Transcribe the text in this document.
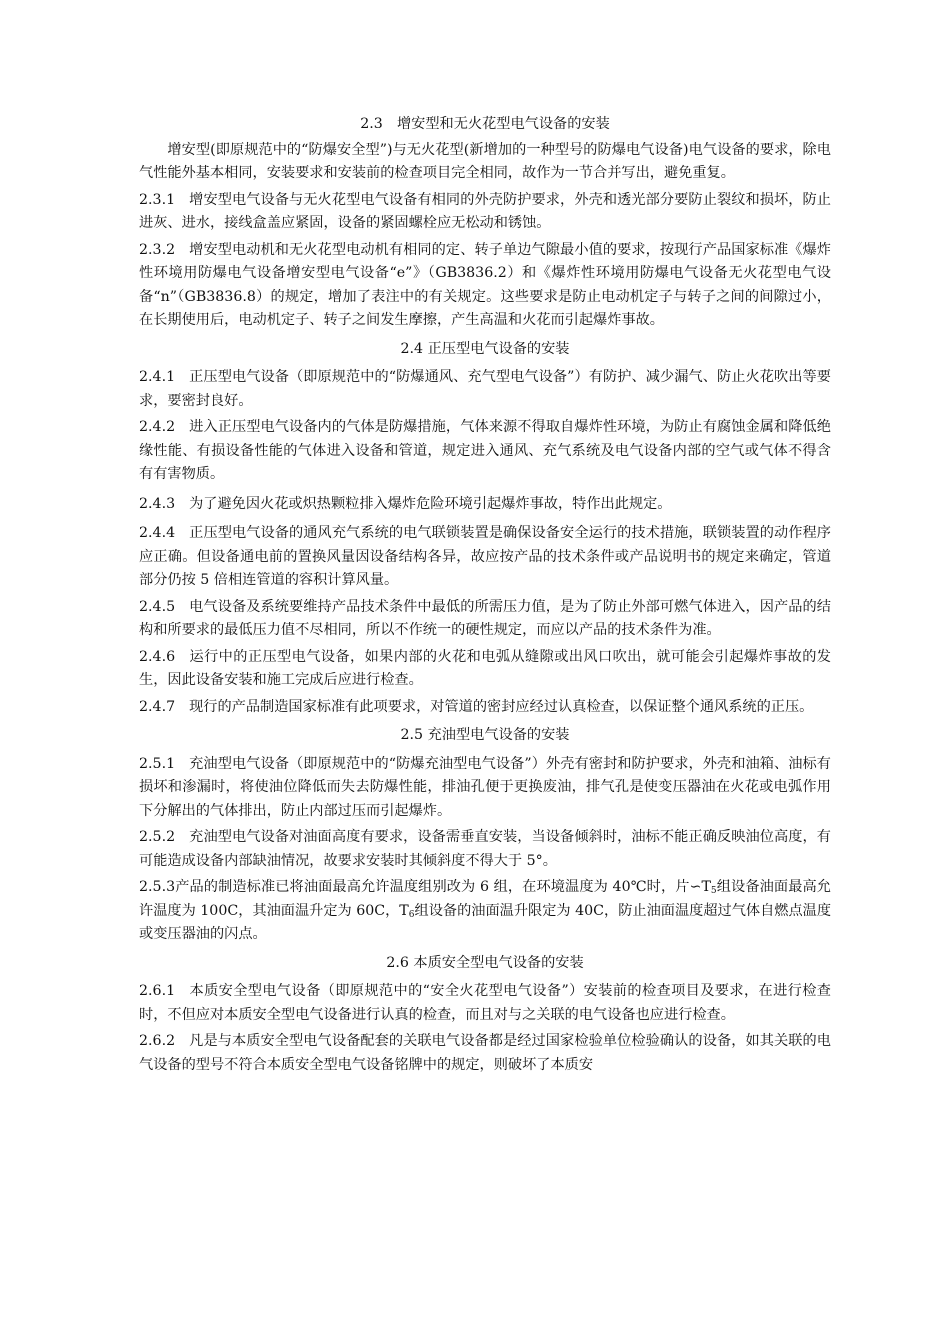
2.3　增安型和无火花型电气设备的安装

增安型(即原规范中的“防爆安全型”)与无火花型(新增加的一种型号的防爆电气设备)电气设备的要求，除电气性能外基本相同，安装要求和安装前的检查项目完全相同，故作为一节合并写出，避免重复。

2.3.1 增安型电气设备与无火花型电气设备有相同的外壳防护要求，外壳和透光部分要防止裂纹和损坏，防止进灰、进水，接线盒盖应紧固，设备的紧固螺栓应无松动和锈蚀。

2.3.2 增安型电动机和无火花型电动机有相同的定、转子单边气隙最小值的要求，按现行产品国家标准《爆炸性环境用防爆电气设备增安型电气设备“e”》（GB3836.2）和《爆炸性环境用防爆电气设备无火花型电气设备“n”（GB3836.8）的规定，增加了表注中的有关规定。这些要求是防止电动机定子与转子之间的间隙过小，在长期使用后，电动机定子、转子之间发生摩擦，产生高温和火花而引起爆炸事故。

2.4 正压型电气设备的安装

2.4.1 正压型电气设备（即原规范中的“防爆通风、充气型电气设备”）有防护、减少漏气、防止火花吹出等要求，要密封良好。

2.4.2 进入正压型电气设备内的气体是防爆措施，气体来源不得取自爆炸性环境，为防止有腐蚀金属和降低绝缘性能、有损设备性能的气体进入设备和管道，规定进入通风、充气系统及电气设备内部的空气或气体不得含有有害物质。

2.4.3 为了避免因火花或炽热颗粒排入爆炸危险环境引起爆炸事故，特作出此规定。

2.4.4 正压型电气设备的通风充气系统的电气联锁装置是确保设备安全运行的技术措施，联锁装置的动作程序应正确。但设备通电前的置换风量因设备结构各异，故应按产品的技术条件或产品说明书的规定来确定，管道部分仍按 5 倍相连管道的容积计算风量。

2.4.5 电气设备及系统要维持产品技术条件中最低的所需压力值，是为了防止外部可燃气体进入，因产品的结构和所要求的最低压力值不尽相同，所以不作统一的硬性规定，而应以产品的技术条件为准。

2.4.6 运行中的正压型电气设备，如果内部的火花和电弧从缝隙或出风口吹出，就可能会引起爆炸事故的发生，因此设备安装和施工完成后应进行检查。

2.4.7 现行的产品制造国家标准有此项要求，对管道的密封应经过认真检查，以保证整个通风系统的正压。

2.5 充油型电气设备的安装

2.5.1 充油型电气设备（即原规范中的“防爆充油型电气设备”）外壳有密封和防护要求，外壳和油箱、油标有损坏和渗漏时，将使油位降低而失去防爆性能，排油孔便于更换废油，排气孔是使变压器油在火花或电弧作用下分解出的气体排出，防止内部过压而引起爆炸。

2.5.2 充油型电气设备对油面高度有要求，设备需垂直安装，当设备倾斜时，油标不能正确反映油位高度，有可能造成设备内部缺油情况，故要求安装时其倾斜度不得大于 5°。

2.5.3产品的制造标准已将油面最高允许温度组别改为 6 组，在环境温度为 40℃时，片$∽T_5$组设备油面最高允许温度为 100C，其油面温升定为 60C，$T_6$组设备的油面温升限定为 40C，防止油面温度超过气体自燃点温度或变压器油的闪点。

2.6 本质安全型电气设备的安装

2.6.1 本质安全型电气设备（即原规范中的“安全火花型电气设备”）安装前的检查项目及要求，在进行检查时，不但应对本质安全型电气设备进行认真的检查，而且对与之关联的电气设备也应进行检查。

2.6.2 凡是与本质安全型电气设备配套的关联电气设备都是经过国家检验单位检验确认的设备，如其关联的电气设备的型号不符合本质安全型电气设备铭牌中的规定，则破坏了本质安
